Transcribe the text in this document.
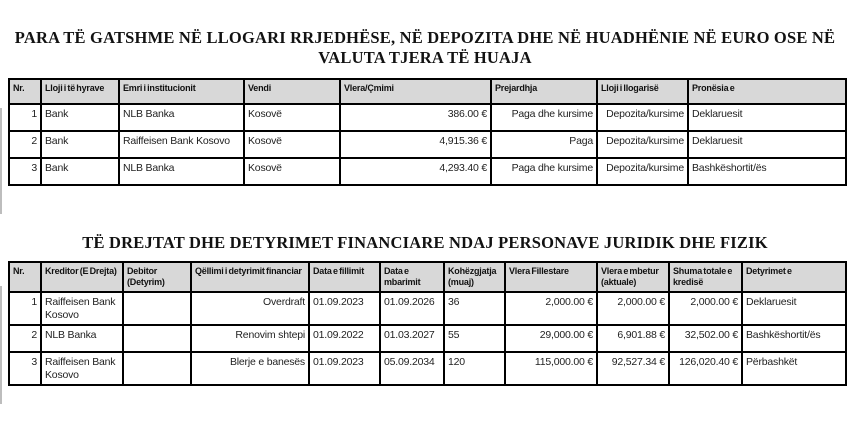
PARA TË GATSHME NË LLOGARI RRJEDHËSE, NË DEPOZITA DHE NË HUADHËNIE NË EURO OSE NË
VALUTA TJERA TË HUAJA
Nr.	Lloji i të hyrave	Emri i institucionit	Vendi	Vlera/Çmimi	Prejardhja	Lloji i llogarisë	Pronësia e
1	Bank	NLB Banka	Kosovë	386.00 €	Paga dhe kursime	Depozita/kursime	Deklaruesit
2	Bank	Raiffeisen Bank Kosovo	Kosovë	4,915.36 €	Paga	Depozita/kursime	Deklaruesit
3	Bank	NLB Banka	Kosovë	4,293.40 €	Paga dhe kursime	Depozita/kursime	Bashkëshortit/ës
TË DREJTAT DHE DETYRIMET FINANCIARE NDAJ PERSONAVE JURIDIK DHE FIZIK
Nr.	Kreditor (E Drejta)	Debitor (Detyrim)	Qëllimi i detyrimit financiar	Data e fillimit	Data e mbarimit	Kohëzgjatja (muaj)	Vlera Fillestare	Vlera e mbetur (aktuale)	Shuma totale e kredisë	Detyrimet e
1	Raiffeisen Bank Kosovo		Overdraft	01.09.2023	01.09.2026	36	2,000.00 €	2,000.00 €	2,000.00 €	Deklaruesit
2	NLB Banka		Renovim shtepi	01.09.2022	01.03.2027	55	29,000.00 €	6,901.88 €	32,502.00 €	Bashkëshortit/ës
3	Raiffeisen Bank Kosovo		Blerje e banesës	01.09.2023	05.09.2034	120	115,000.00 €	92,527.34 €	126,020.40 €	Përbashkët
